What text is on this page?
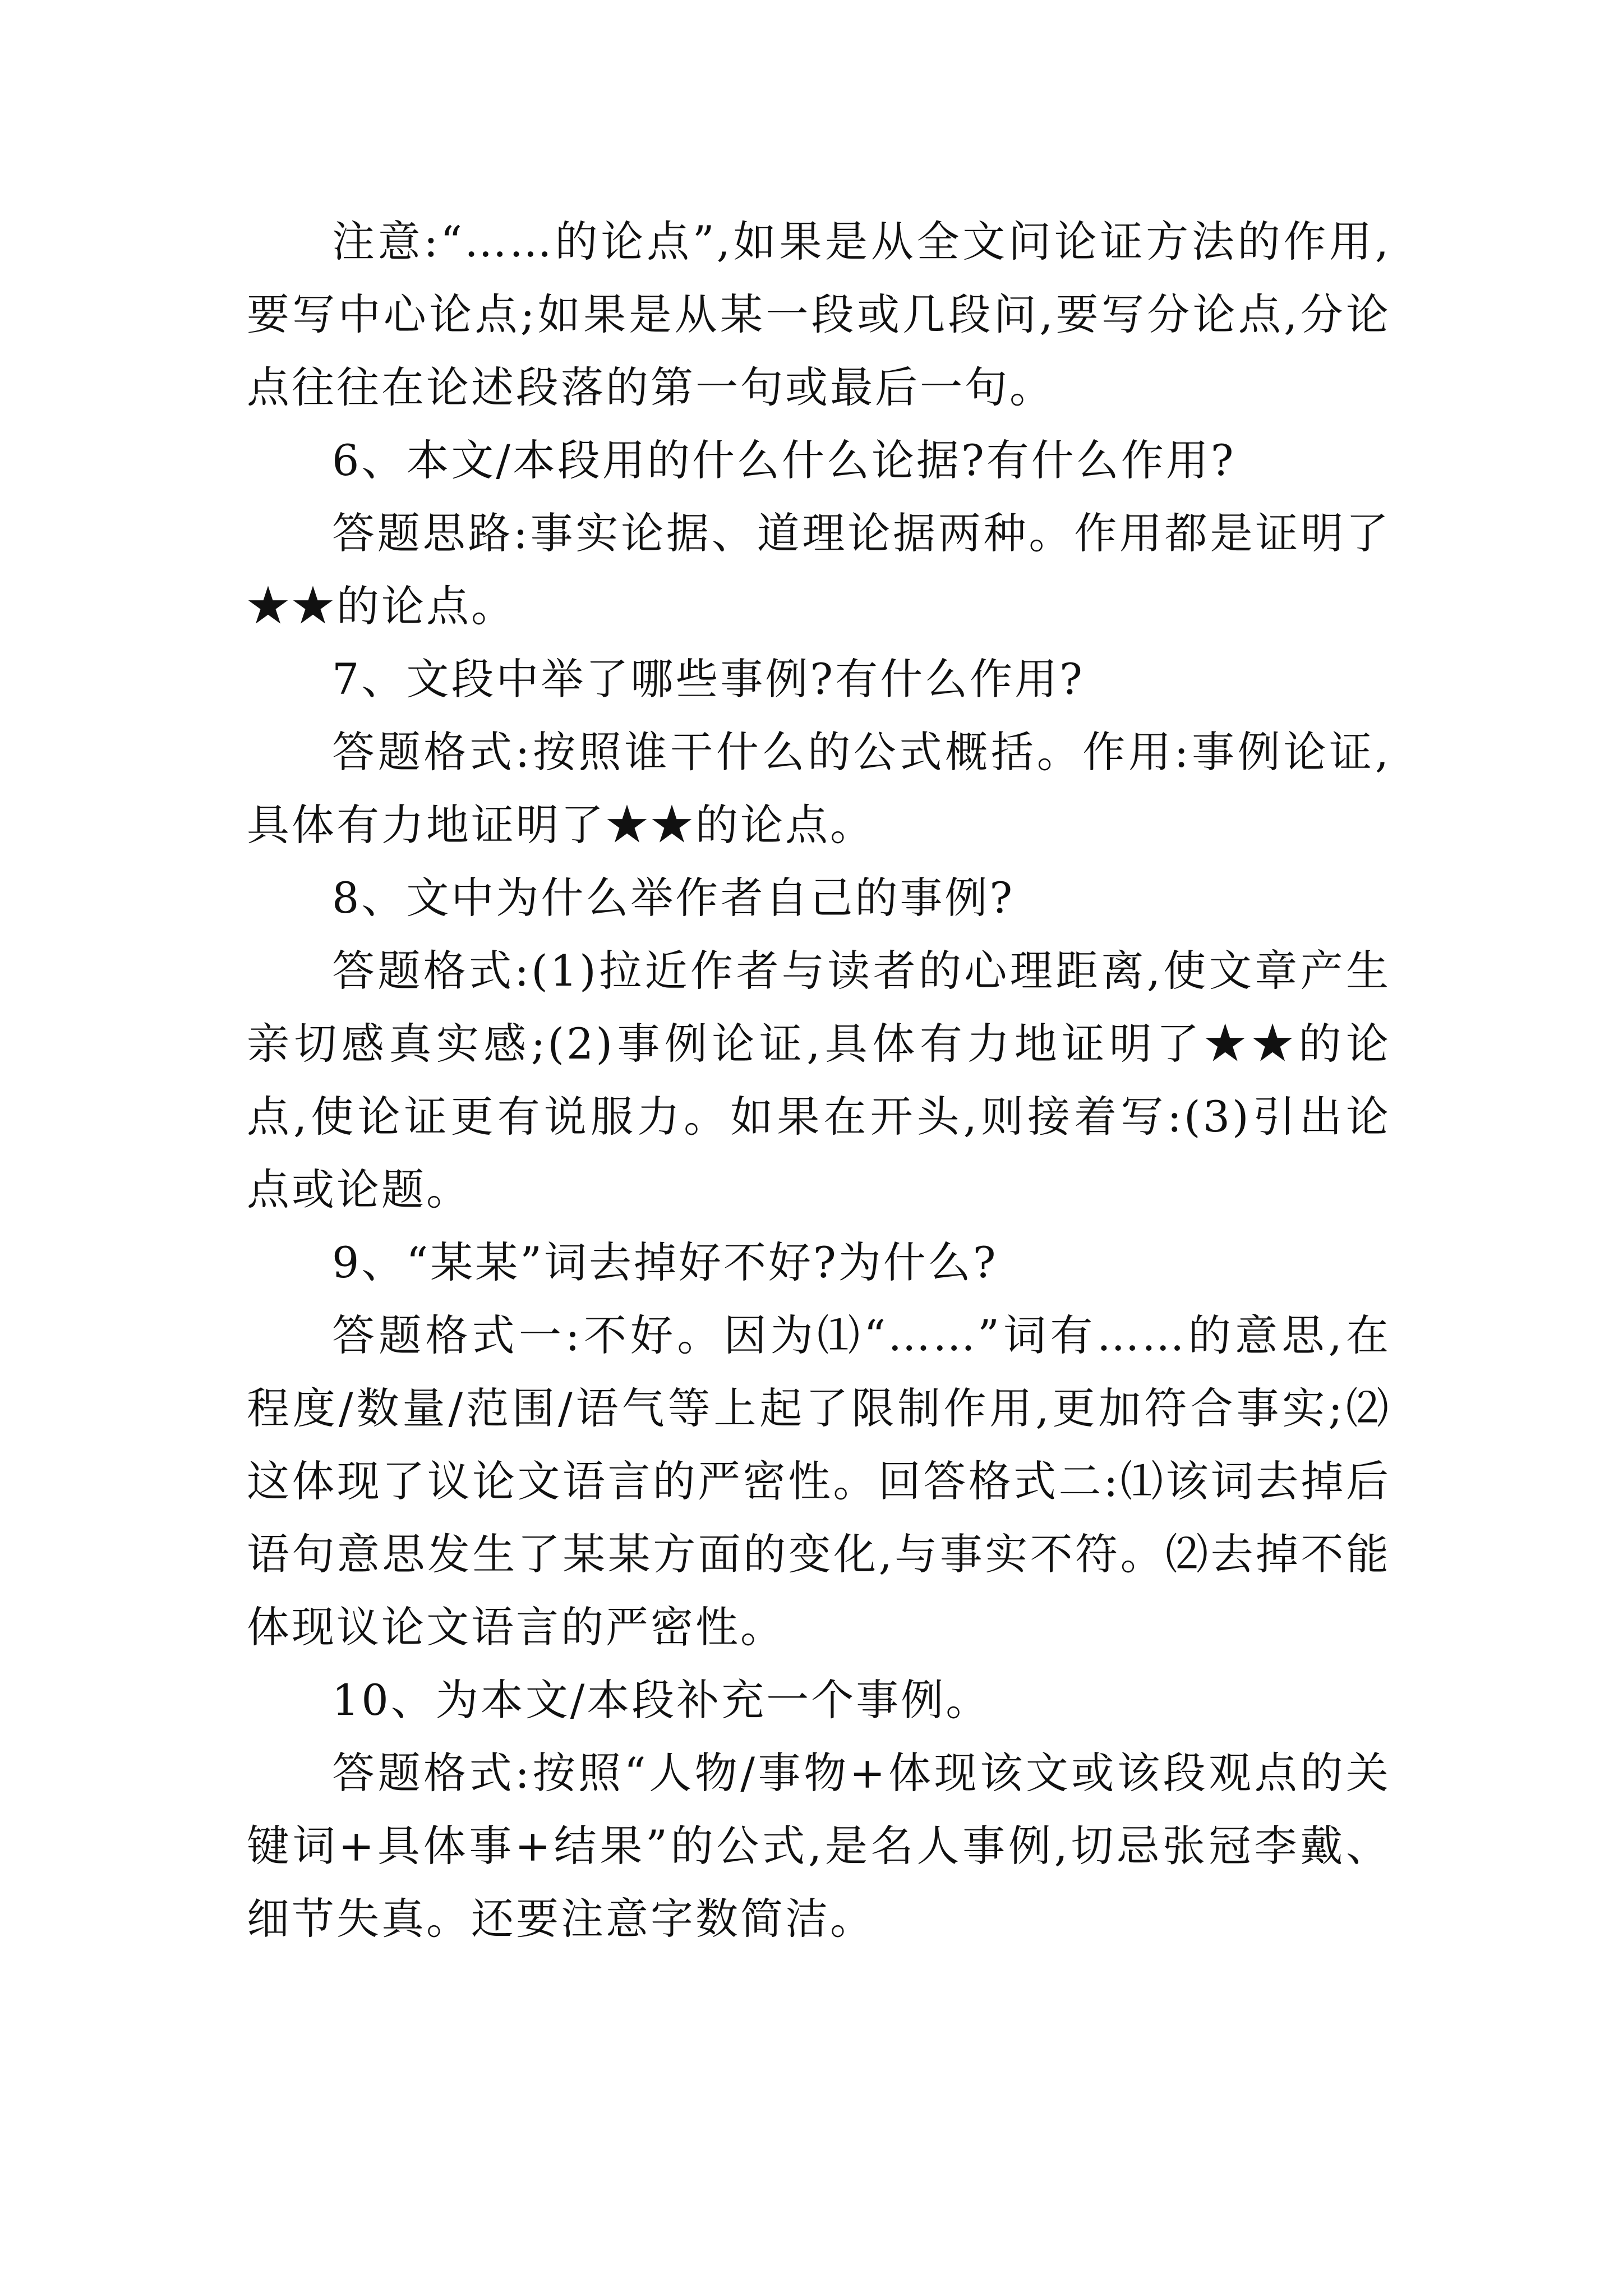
注意:“……的论点”,如果是从全文问论证方法的作用,要写中心论点;如果是从某一段或几段问,要写分论点,分论点往往在论述段落的第一句或最后一句。

6、本文/本段用的什么什么论据?有什么作用?

答题思路:事实论据、道理论据两种。作用都是证明了★★的论点。

7、文段中举了哪些事例?有什么作用?

答题格式:按照谁干什么的公式概括。作用:事例论证,具体有力地证明了★★的论点。

8、文中为什么举作者自己的事例?

答题格式:(1)拉近作者与读者的心理距离,使文章产生亲切感真实感;(2)事例论证,具体有力地证明了★★的论点,使论证更有说服力。如果在开头,则接着写:(3)引出论点或论题。

9、“某某”词去掉好不好?为什么?

答题格式一:不好。因为⑴“……”词有……的意思,在程度/数量/范围/语气等上起了限制作用,更加符合事实;⑵这体现了议论文语言的严密性。回答格式二:⑴该词去掉后语句意思发生了某某方面的变化,与事实不符。⑵去掉不能体现议论文语言的严密性。

10、为本文/本段补充一个事例。

答题格式:按照“人物/事物+体现该文或该段观点的关键词+具体事+结果”的公式,是名人事例,切忌张冠李戴、细节失真。还要注意字数简洁。
